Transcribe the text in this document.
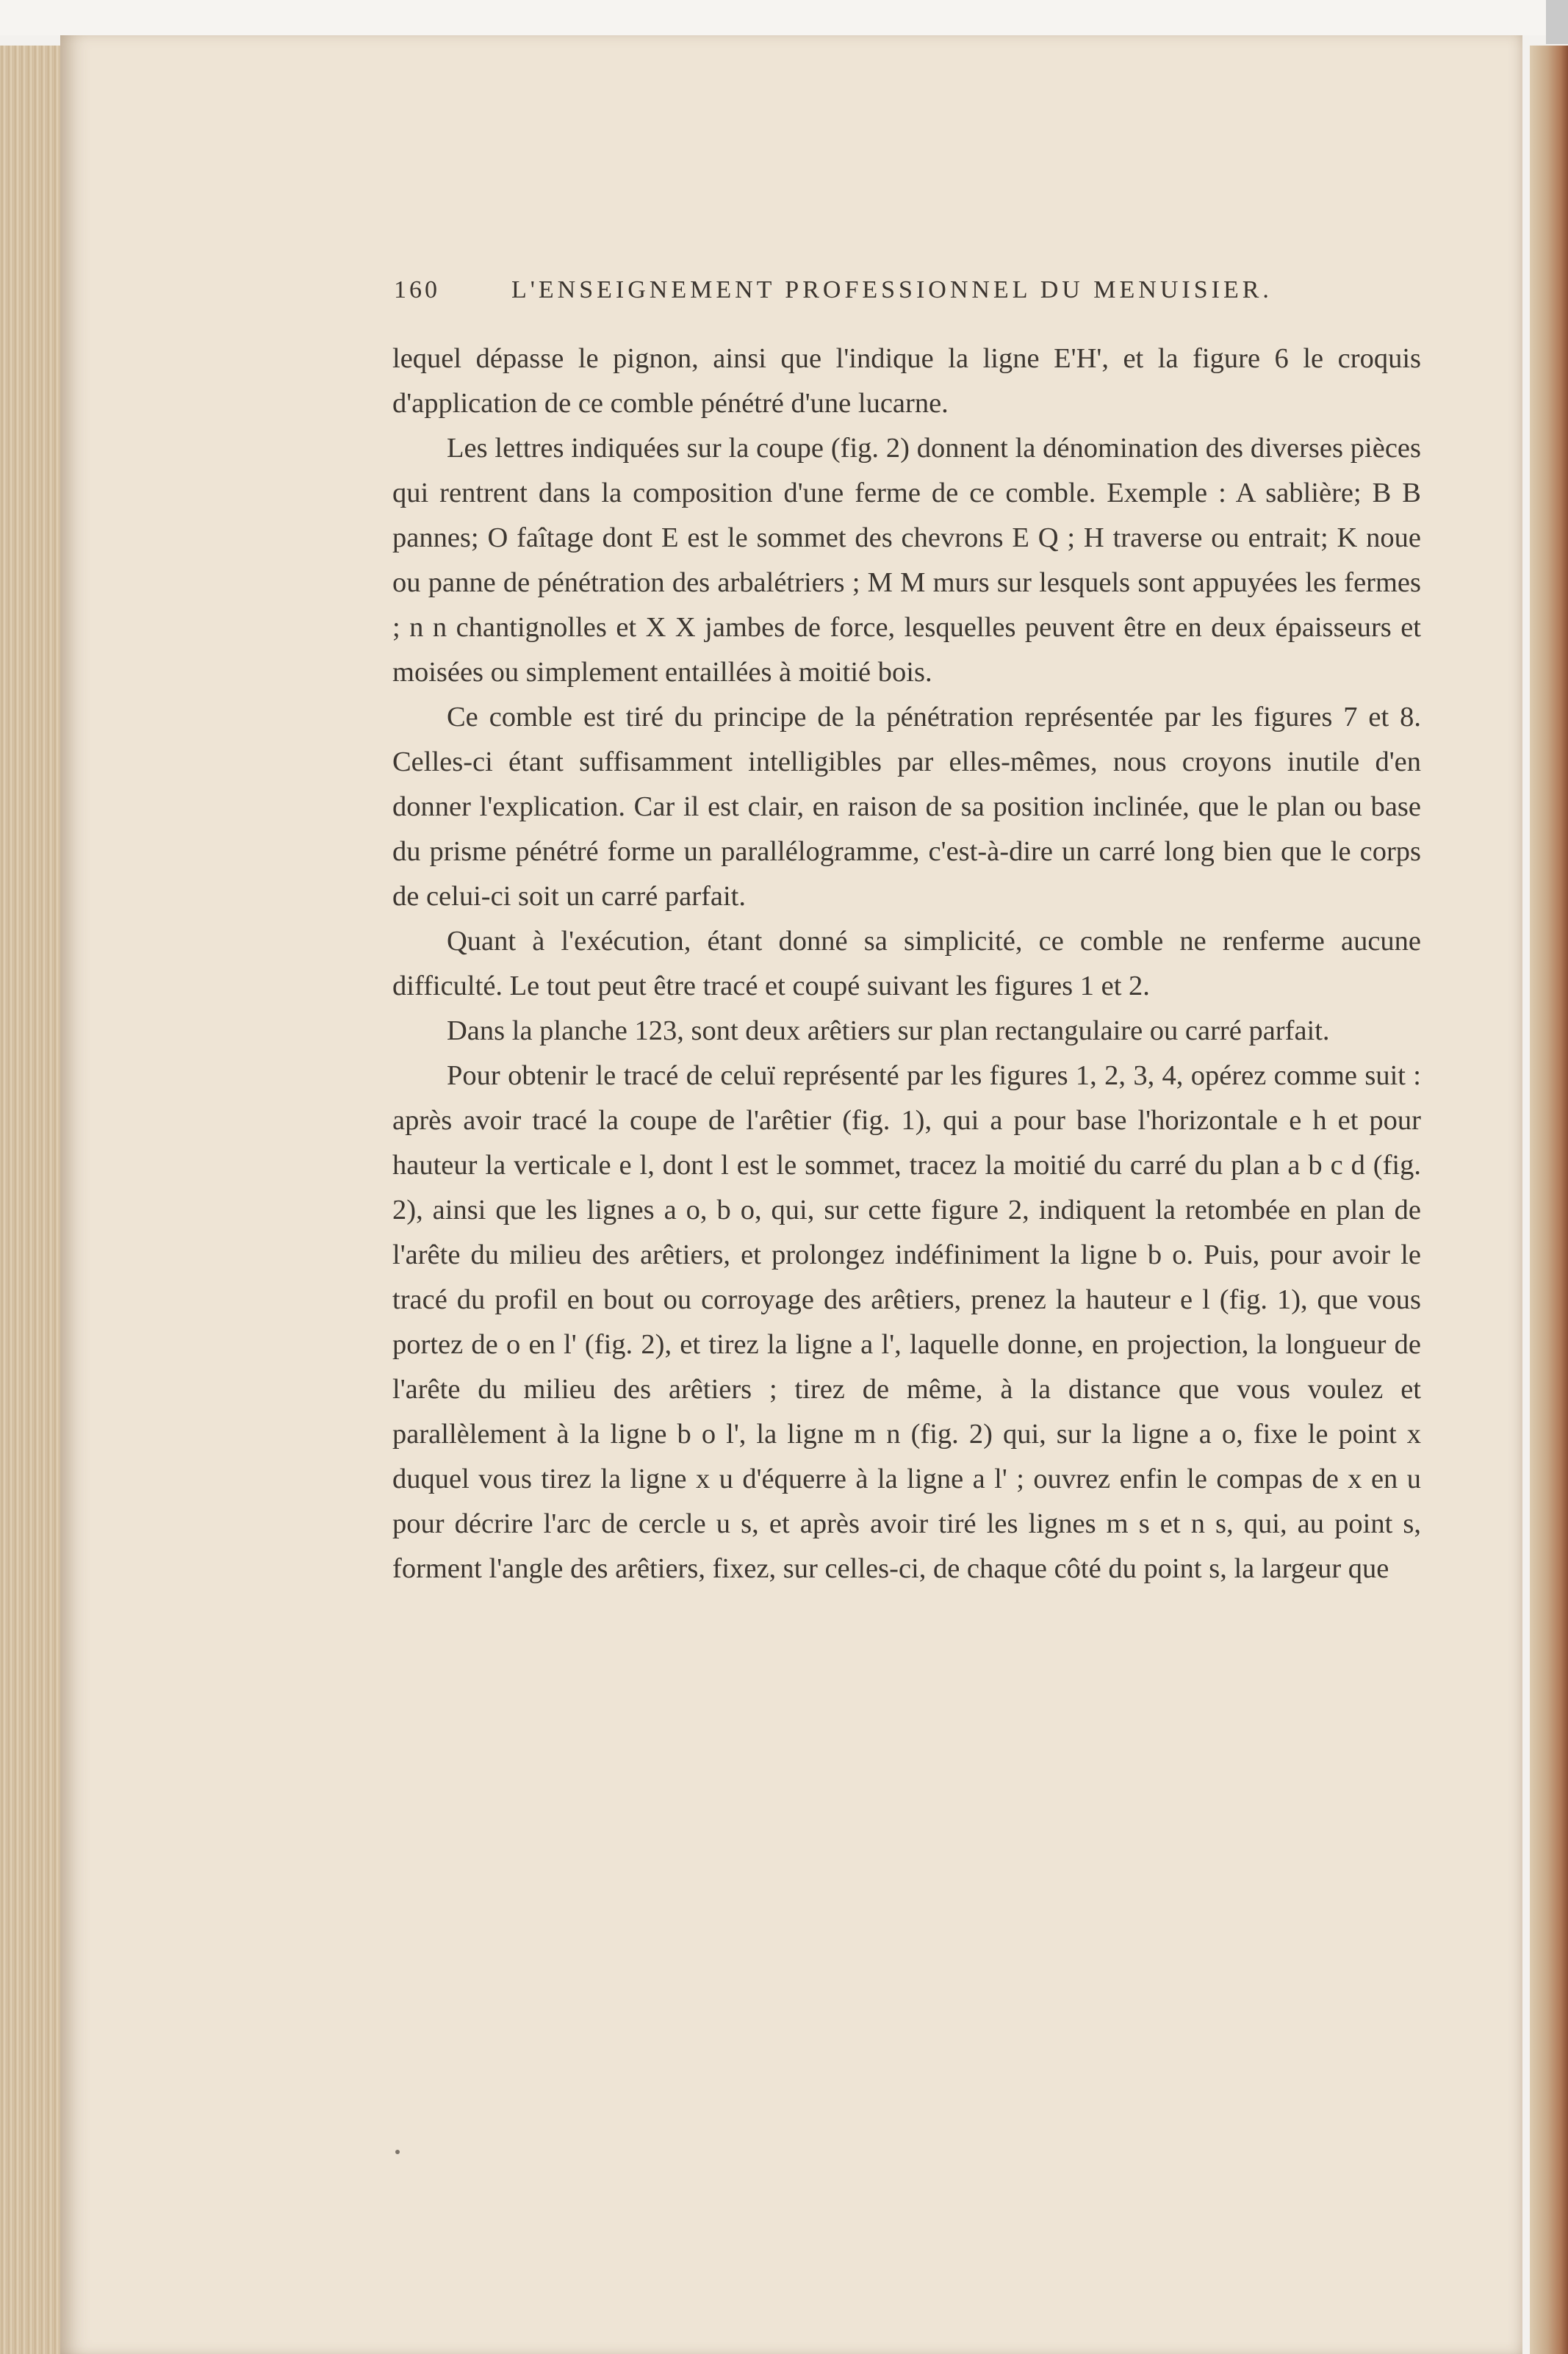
160	L'ENSEIGNEMENT PROFESSIONNEL DU MENUISIER.

lequel dépasse le pignon, ainsi que l'indique la ligne E'H', et la figure 6 le croquis d'application de ce comble pénétré d'une lucarne.

Les lettres indiquées sur la coupe (fig. 2) donnent la dénomination des diverses pièces qui rentrent dans la composition d'une ferme de ce comble. Exemple : A sablière; B B pannes; O faîtage dont E est le sommet des chevrons E Q ; H traverse ou entrait; K noue ou panne de pénétration des arbalétriers ; M M murs sur lesquels sont appuyées les fermes ; n n chantignolles et X X jambes de force, lesquelles peuvent être en deux épaisseurs et moisées ou simplement entaillées à moitié bois.

Ce comble est tiré du principe de la pénétration représentée par les figures 7 et 8. Celles-ci étant suffisamment intelligibles par elles-mêmes, nous croyons inutile d'en donner l'explication. Car il est clair, en raison de sa position inclinée, que le plan ou base du prisme pénétré forme un parallélogramme, c'est-à-dire un carré long bien que le corps de celui-ci soit un carré parfait.

Quant à l'exécution, étant donné sa simplicité, ce comble ne renferme aucune difficulté. Le tout peut être tracé et coupé suivant les figures 1 et 2.

Dans la planche 123, sont deux arêtiers sur plan rectangulaire ou carré parfait.

Pour obtenir le tracé de celuï représenté par les figures 1, 2, 3, 4, opérez comme suit : après avoir tracé la coupe de l'arêtier (fig. 1), qui a pour base l'horizontale e h et pour hauteur la verticale e l, dont l est le sommet, tracez la moitié du carré du plan a b c d (fig. 2), ainsi que les lignes a o, b o, qui, sur cette figure 2, indiquent la retombée en plan de l'arête du milieu des arêtiers, et prolongez indéfiniment la ligne b o. Puis, pour avoir le tracé du profil en bout ou corroyage des arêtiers, prenez la hauteur e l (fig. 1), que vous portez de o en l' (fig. 2), et tirez la ligne a l', laquelle donne, en projection, la longueur de l'arête du milieu des arêtiers ; tirez de même, à la distance que vous voulez et parallèlement à la ligne b o l', la ligne m n (fig. 2) qui, sur la ligne a o, fixe le point x duquel vous tirez la ligne x u d'équerre à la ligne a l' ; ouvrez enfin le compas de x en u pour décrire l'arc de cercle u s, et après avoir tiré les lignes m s et n s, qui, au point s, forment l'angle des arêtiers, fixez, sur celles-ci, de chaque côté du point s, la largeur que
